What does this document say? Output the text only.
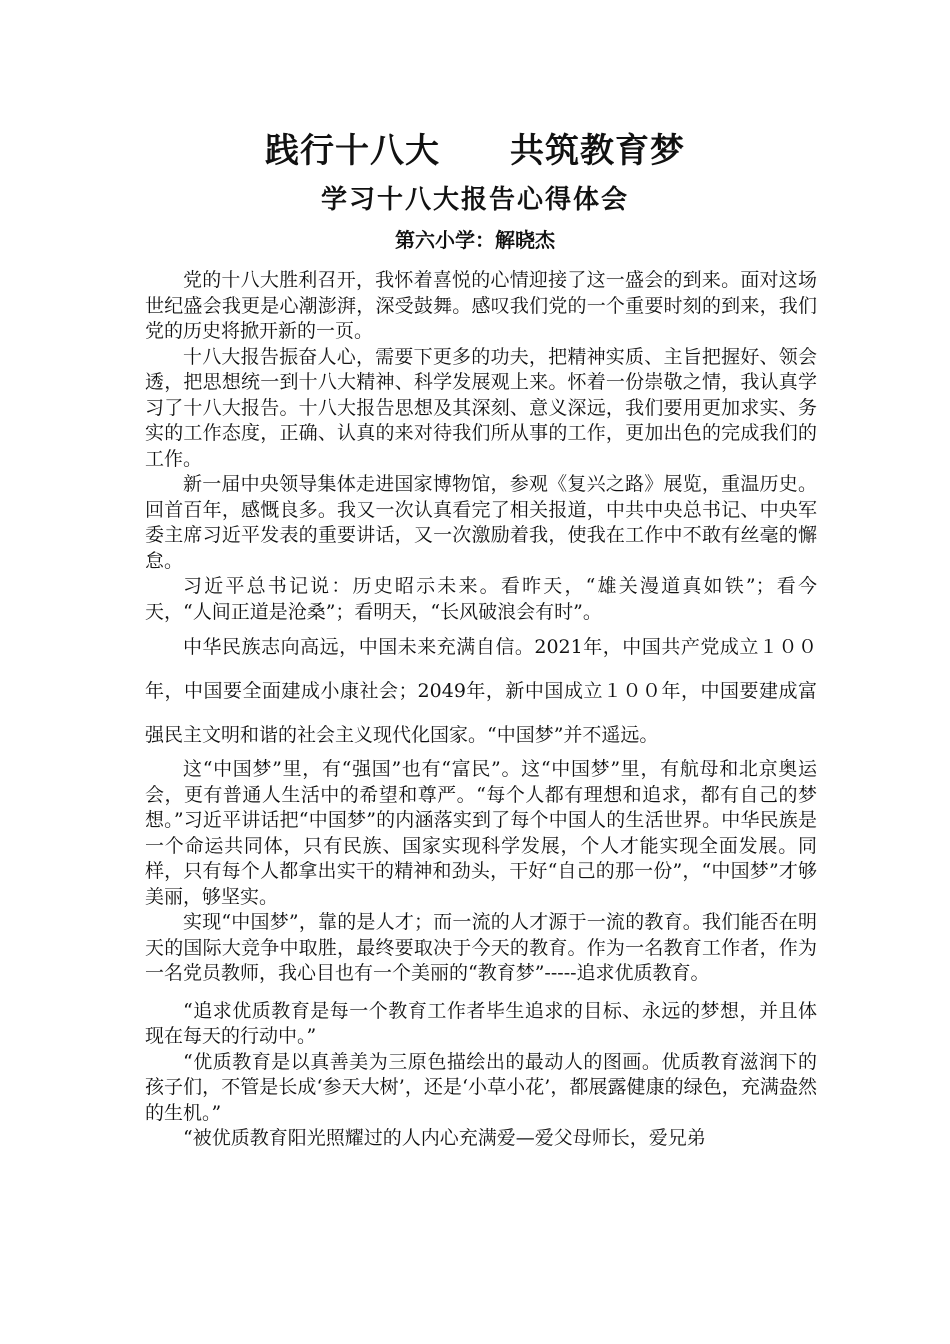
践行十八大　　共筑教育梦
学习十八大报告心得体会
第六小学：解晓杰

党的十八大胜利召开，我怀着喜悦的心情迎接了这一盛会的到来。面对这场世纪盛会我更是心潮澎湃，深受鼓舞。感叹我们党的一个重要时刻的到来，我们党的历史将掀开新的一页。

十八大报告振奋人心，需要下更多的功夫，把精神实质、主旨把握好、领会透，把思想统一到十八大精神、科学发展观上来。怀着一份崇敬之情，我认真学习了十八大报告。十八大报告思想及其深刻、意义深远，我们要用更加求实、务实的工作态度，正确、认真的来对待我们所从事的工作，更加出色的完成我们的工作。

新一届中央领导集体走进国家博物馆，参观《复兴之路》展览，重温历史。回首百年，感慨良多。我又一次认真看完了相关报道，中共中央总书记、中央军委主席习近平发表的重要讲话，又一次激励着我，使我在工作中不敢有丝毫的懈怠。

习近平总书记说：历史昭示未来。看昨天，“雄关漫道真如铁”；看今天，“人间正道是沧桑”；看明天，“长风破浪会有时”。

中华民族志向高远，中国未来充满自信。2021年，中国共产党成立１００年，中国要全面建成小康社会；2049年，新中国成立１００年，中国要建成富强民主文明和谐的社会主义现代化国家。“中国梦”并不遥远。

这“中国梦”里，有“强国”也有“富民”。这“中国梦”里，有航母和北京奥运会，更有普通人生活中的希望和尊严。“每个人都有理想和追求，都有自己的梦想。”习近平讲话把“中国梦”的内涵落实到了每个中国人的生活世界。中华民族是一个命运共同体，只有民族、国家实现科学发展，个人才能实现全面发展。同样，只有每个人都拿出实干的精神和劲头，干好“自己的那一份”，“中国梦”才够美丽，够坚实。

实现“中国梦”，靠的是人才；而一流的人才源于一流的教育。我们能否在明天的国际大竞争中取胜，最终要取决于今天的教育。作为一名教育工作者，作为一名党员教师，我心目也有一个美丽的“教育梦”-----追求优质教育。

“追求优质教育是每一个教育工作者毕生追求的目标、永远的梦想，并且体现在每天的行动中。”

“优质教育是以真善美为三原色描绘出的最动人的图画。优质教育滋润下的孩子们，不管是长成‘参天大树’，还是‘小草小花’，都展露健康的绿色，充满盎然的生机。”

“被优质教育阳光照耀过的人内心充满爱—爱父母师长，爱兄弟
